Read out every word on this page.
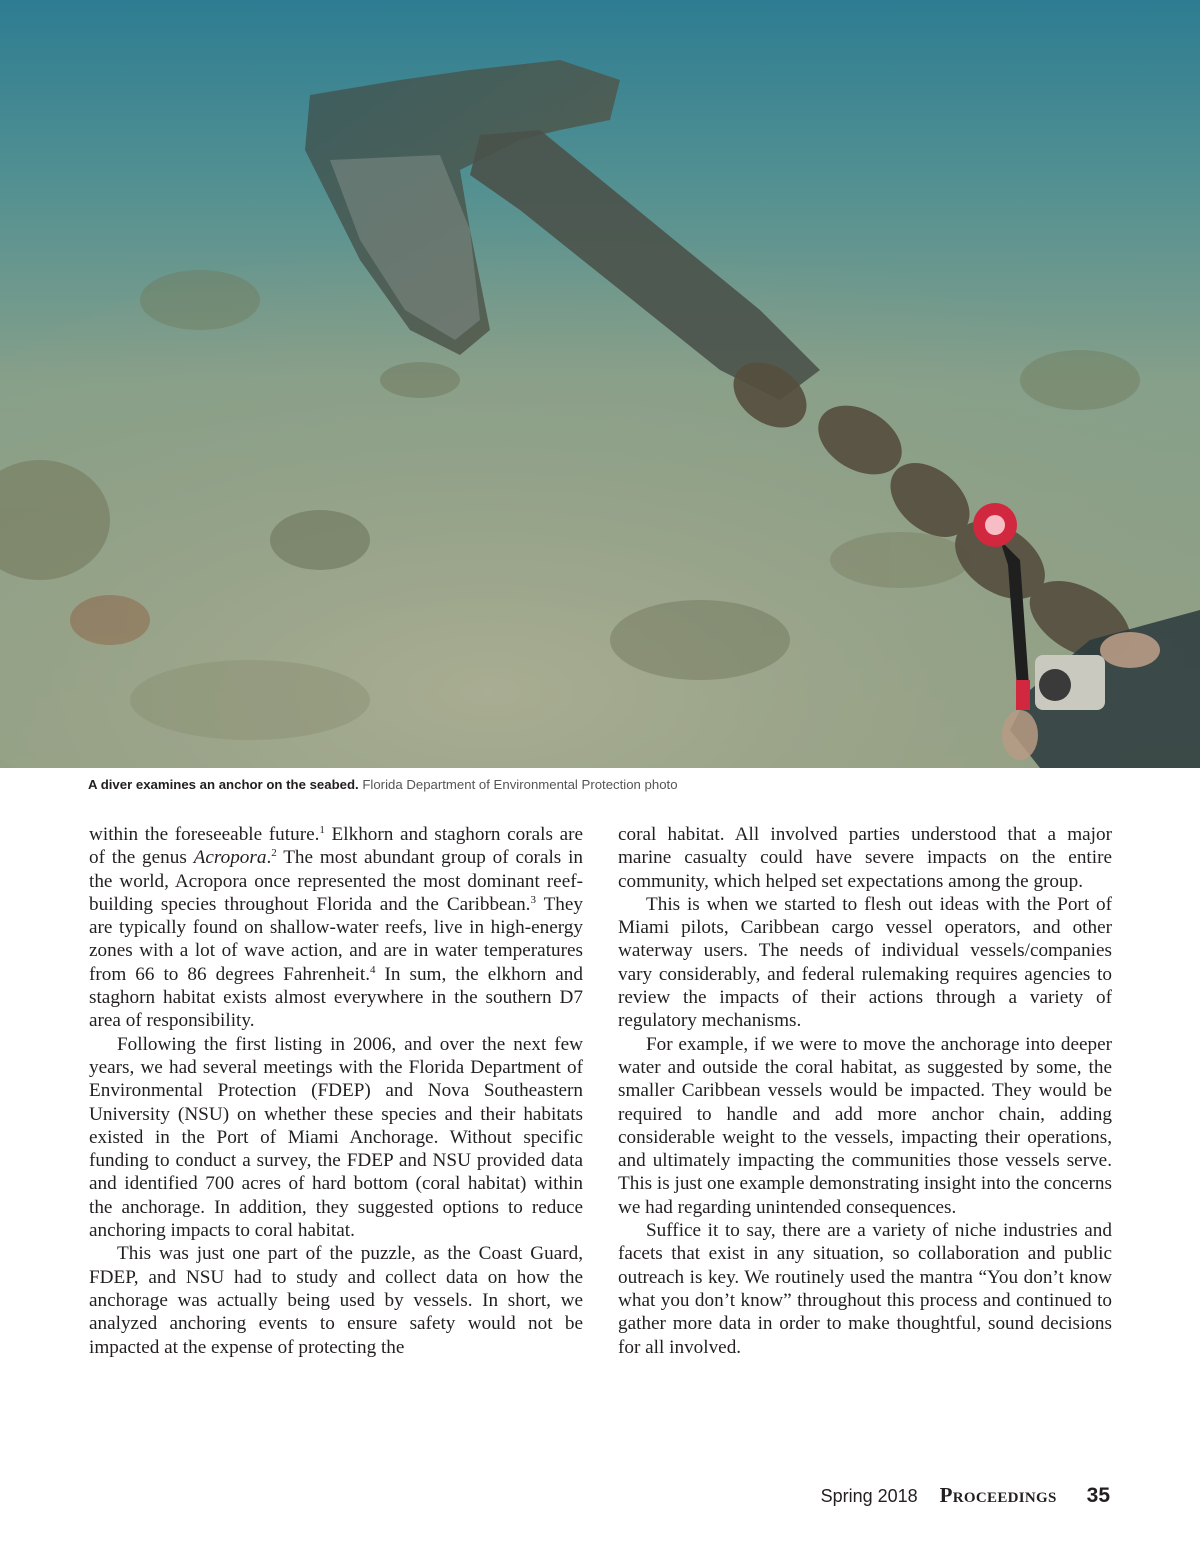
A diver examines an anchor on the seabed. Florida Department of Environmental Protection photo

within the foreseeable future.$^1$ Elkhorn and staghorn corals are of the genus Acropora.$^2$ The most abundant group of corals in the world, Acropora once represented the most dominant reef-building species throughout Florida and the Caribbean.$^3$ They are typically found on shallow-water reefs, live in high-energy zones with a lot of wave action, and are in water temperatures from 66 to 86 degrees Fahrenheit.$^4$ In sum, the elkhorn and staghorn habitat exists almost everywhere in the southern D7 area of responsibility.

Following the first listing in 2006, and over the next few years, we had several meetings with the Florida Department of Environmental Protection (FDEP) and Nova Southeastern University (NSU) on whether these species and their habitats existed in the Port of Miami Anchorage. Without specific funding to conduct a survey, the FDEP and NSU provided data and identified 700 acres of hard bottom (coral habitat) within the anchorage. In addition, they suggested options to reduce anchoring impacts to coral habitat.

This was just one part of the puzzle, as the Coast Guard, FDEP, and NSU had to study and collect data on how the anchorage was actually being used by vessels. In short, we analyzed anchoring events to ensure safety would not be impacted at the expense of protecting the

coral habitat. All involved parties understood that a major marine casualty could have severe impacts on the entire community, which helped set expectations among the group.

This is when we started to flesh out ideas with the Port of Miami pilots, Caribbean cargo vessel operators, and other waterway users. The needs of individual vessels/companies vary considerably, and federal rulemaking requires agencies to review the impacts of their actions through a variety of regulatory mechanisms.

For example, if we were to move the anchorage into deeper water and outside the coral habitat, as suggested by some, the smaller Caribbean vessels would be impacted. They would be required to handle and add more anchor chain, adding considerable weight to the vessels, impacting their operations, and ultimately impacting the communities those vessels serve. This is just one example demonstrating insight into the concerns we had regarding unintended consequences.

Suffice it to say, there are a variety of niche industries and facets that exist in any situation, so collaboration and public outreach is key. We routinely used the mantra “You don’t know what you don’t know” throughout this process and continued to gather more data in order to make thoughtful, sound decisions for all involved.

Spring 2018 Proceedings 35
